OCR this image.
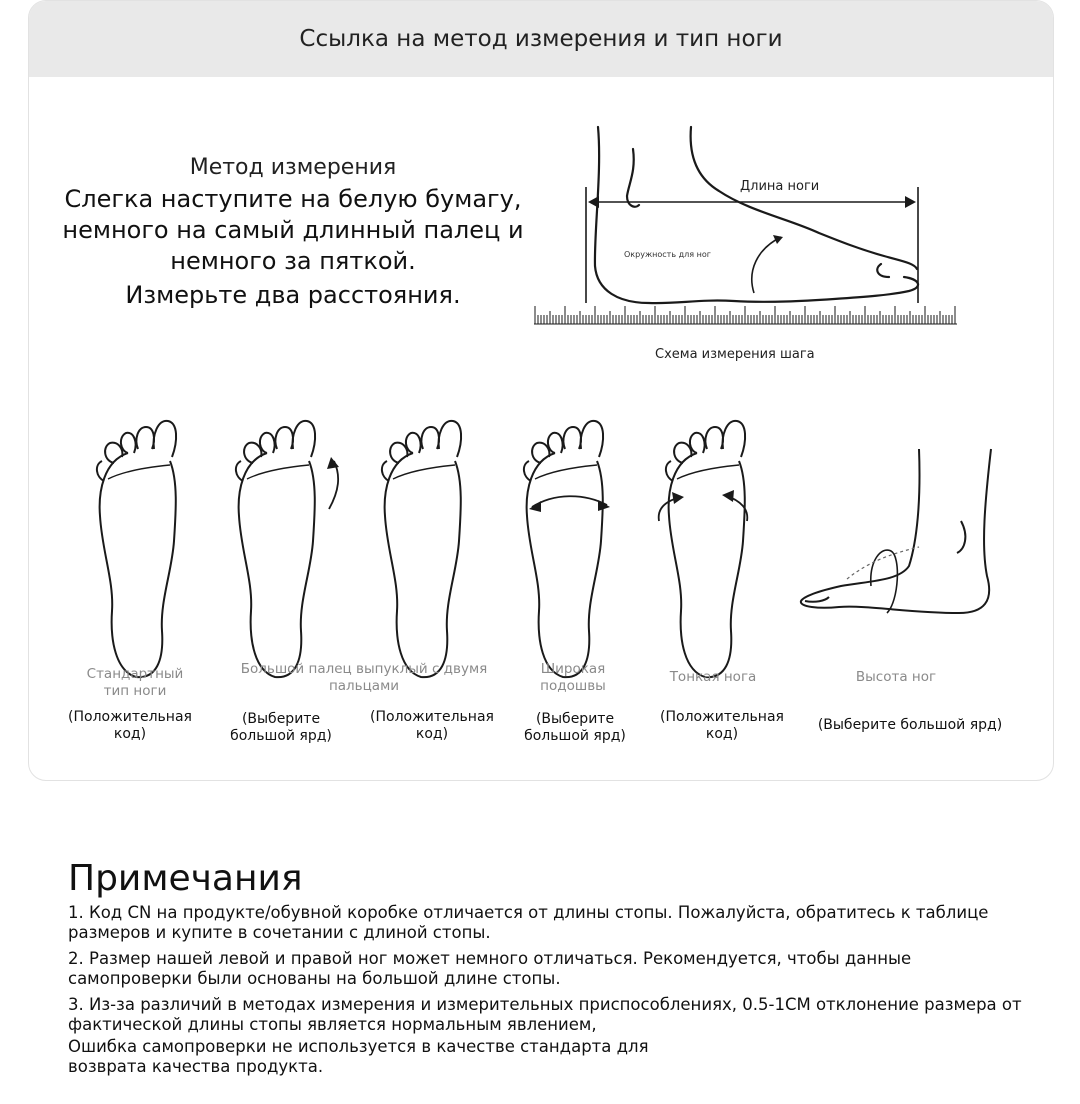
Ссылка на метод измерения и тип ноги
Метод измерения
Слегка наступите на белую бумагу,
немного на самый длинный палец и
немного за пяткой.
Измерьте два расстояния.
Длина ноги
Окружность для ног
Схема измерения шага
Стандартный тип ноги
Большой палец выпуклый с двумя пальцами
Широкая подошвы
Тонкая нога	Высота ног
(Положительная код)
(Выберите большой ярд)
(Положительная код)
(Выберите большой ярд)
(Положительная код)
(Выберите большой ярд)
Примечания
1. Код CN на продукте/обувной коробке отличается от длины стопы. Пожалуйста, обратитесь к таблице размеров и купите в сочетании с длиной стопы.
2. Размер нашей левой и правой ног может немного отличаться. Рекомендуется, чтобы данные самопроверки были основаны на большой длине стопы.
3. Из-за различий в методах измерения и измерительных приспособлениях, 0.5-1CM отклонение размера от фактической длины стопы является нормальным явлением,
Ошибка самопроверки не используется в качестве стандарта для возврата качества продукта.
